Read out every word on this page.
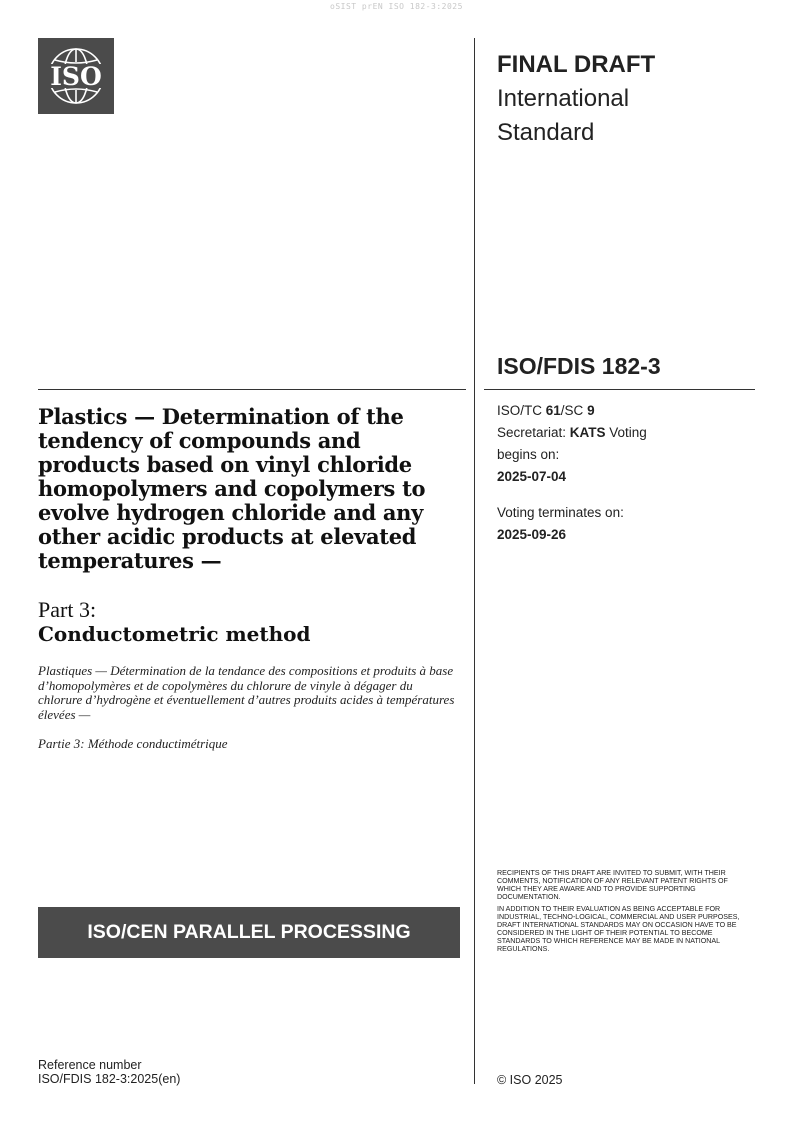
oSIST prEN ISO 182-3:2025
ISO	FINAL DRAFT
International
Standard
ISO/FDIS 182-3
ISO/TC 61/SC 9
Secretariat: KATS Voting
begins on:
2025-07-04
Voting terminates on:
2025-09-26
Plastics — Determination of the tendency of compounds and products based on vinyl chloride homopolymers and copolymers to evolve hydrogen chloride and any other acidic products at elevated temperatures —
Part 3:
Conductometric method
Plastiques — Détermination de la tendance des compositions et produits à base d’homopolymères et de copolymères du chlorure de vinyle à dégager du chlorure d’hydrogène et éventuellement d’autres produits acides à températures élevées —
Partie 3: Méthode conductimétrique
ISO/CEN PARALLEL PROCESSING

RECIPIENTS OF THIS DRAFT ARE INVITED TO SUBMIT, WITH THEIR COMMENTS, NOTIFICATION OF ANY RELEVANT PATENT RIGHTS OF WHICH THEY ARE AWARE AND TO PROVIDE SUPPORTING DOCUMENTATION.

IN ADDITION TO THEIR EVALUATION AS BEING ACCEPTABLE FOR INDUSTRIAL, TECHNO-LOGICAL, COMMERCIAL AND USER PURPOSES, DRAFT INTERNATIONAL STANDARDS MAY ON OCCASION HAVE TO BE CONSIDERED IN THE LIGHT OF THEIR POTENTIAL TO BECOME STANDARDS TO WHICH REFERENCE MAY BE MADE IN NATIONAL REGULATIONS.

Reference number
ISO/FDIS 182-3:2025(en)	© ISO 2025
